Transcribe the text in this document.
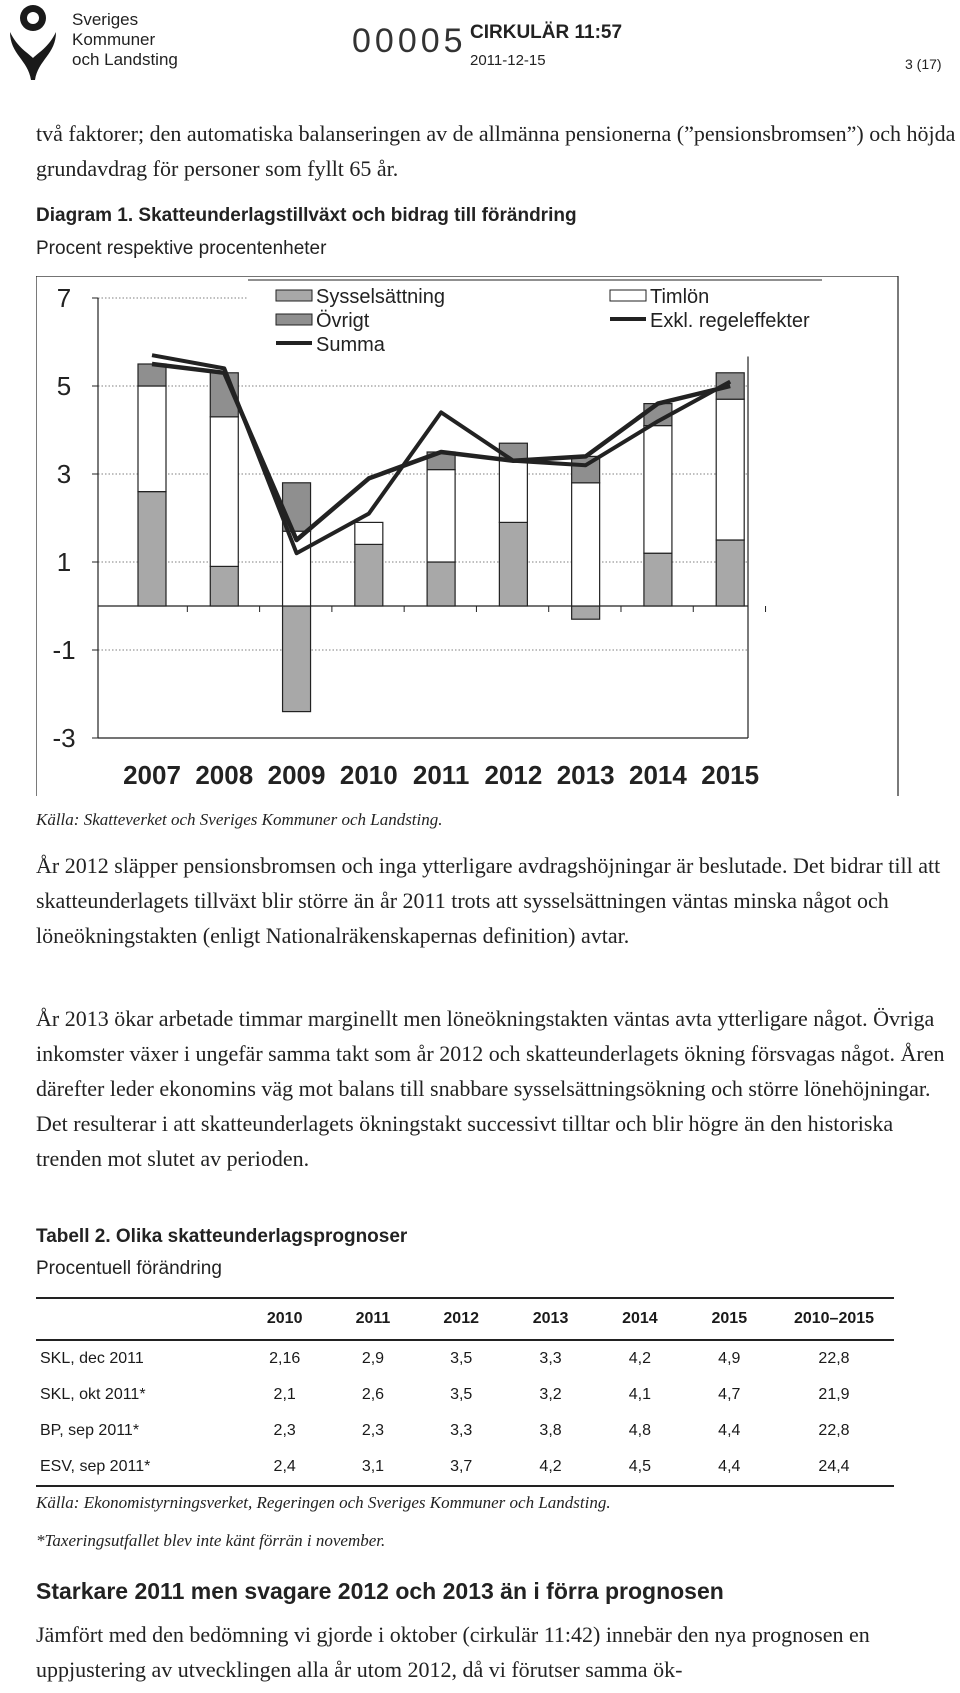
Sveriges
Kommuner
och Landsting	00005 CIRKULÄR 11:57
2011-12-15	3 (17)
två faktorer; den automatiska balanseringen av de allmänna pensionerna (”pensionsbromsen”) och höjda grundavdrag för personer som fyllt 65 år.
Diagram 1. Skatteunderlagstillväxt och bidrag till förändring
Procent respektive procentenheter
7
5
3
1
-1
-3
2007 2008 2009 2010 2011 2012 2013 2014 2015
Sysselsättning
Övrigt
Summa
Timlön
Exkl. regeleffekter
Källa: Skatteverket och Sveriges Kommuner och Landsting.
År 2012 släpper pensionsbromsen och inga ytterligare avdragshöjningar är beslutade. Det bidrar till att skatteunderlagets tillväxt blir större än år 2011 trots att sysselsättningen väntas minska något och löneökningstakten (enligt Nationalräkenskapernas definition) avtar.
År 2013 ökar arbetade timmar marginellt men löneökningstakten väntas avta ytterligare något. Övriga inkomster växer i ungefär samma takt som år 2012 och skatteunderlagets ökning försvagas något. Åren därefter leder ekonomins väg mot balans till snabbare sysselsättningsökning och större lönehöjningar. Det resulterar i att skatteunderlagets ökningstakt successivt tilltar och blir högre än den historiska trenden mot slutet av perioden.
Tabell 2. Olika skatteunderlagsprognoser
Procentuell förändring
	2010	2011	2012	2013	2014	2015	2010–2015
SKL, dec 2011	2,16	2,9	3,5	3,3	4,2	4,9	22,8
SKL, okt 2011*	2,1	2,6	3,5	3,2	4,1	4,7	21,9
BP, sep 2011*	2,3	2,3	3,3	3,8	4,8	4,4	22,8
ESV, sep 2011*	2,4	3,1	3,7	4,2	4,5	4,4	24,4
Källa: Ekonomistyrningsverket, Regeringen och Sveriges Kommuner och Landsting.
*Taxeringsutfallet blev inte känt förrän i november.
Starkare 2011 men svagare 2012 och 2013 än i förra prognosen
Jämfört med den bedömning vi gjorde i oktober (cirkulär 11:42) innebär den nya prognosen en uppjustering av utvecklingen alla år utom 2012, då vi förutser samma ök-
